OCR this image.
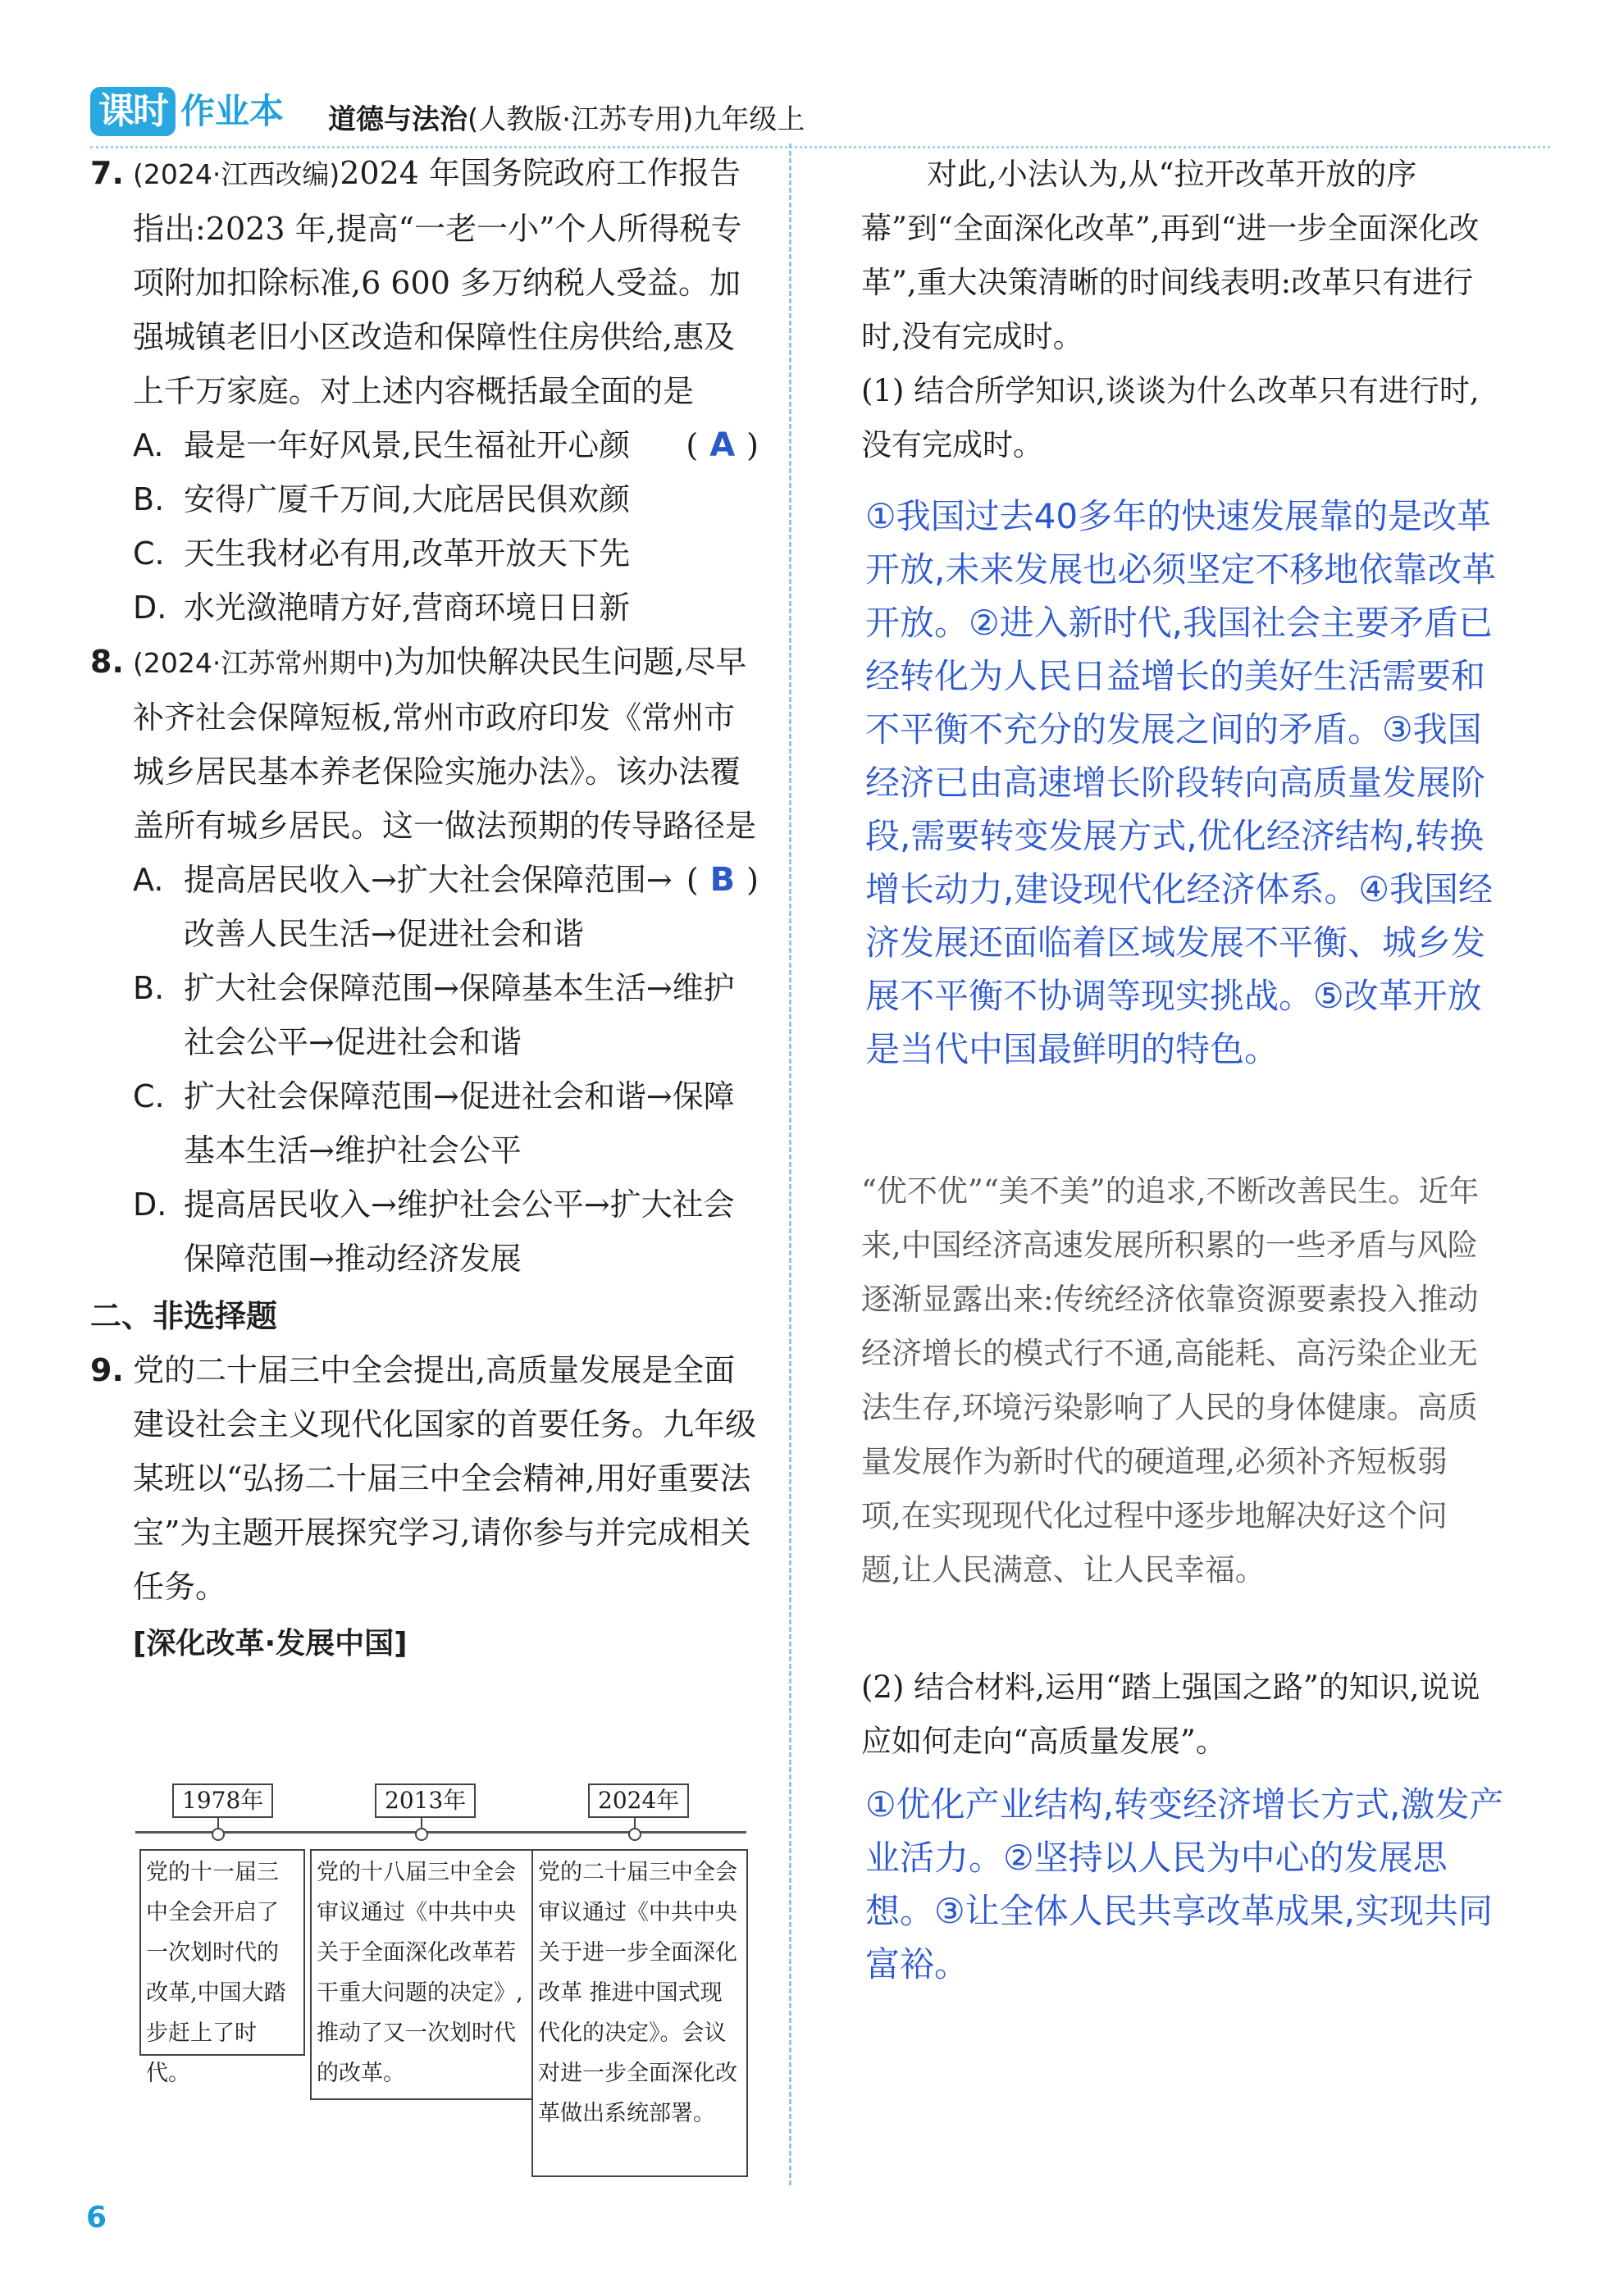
课时 作业本 道德与法治(人教版·江苏专用)九年级上
7. (2024·江西改编)2024 年国务院政府工作报告指出:2023 年,提高“一老一小”个人所得税专项附加扣除标准,6 600 多万纳税人受益。加强城镇老旧小区改造和保障性住房供给,惠及上千万家庭。对上述内容概括最全面的是
( A )
A. 最是一年好风景,民生福祉开心颜
B. 安得广厦千万间,大庇居民俱欢颜
C. 天生我材必有用,改革开放天下先
D. 水光潋滟晴方好,营商环境日日新
8. (2024·江苏常州期中)为加快解决民生问题,尽早补齐社会保障短板,常州市政府印发《常州市城乡居民基本养老保险实施办法》。该办法覆盖所有城乡居民。这一做法预期的传导路径是
( B )
A. 提高居民收入→扩大社会保障范围→改善人民生活→促进社会和谐
B. 扩大社会保障范围→保障基本生活→维护社会公平→促进社会和谐
C. 扩大社会保障范围→促进社会和谐→保障基本生活→维护社会公平
D. 提高居民收入→维护社会公平→扩大社会保障范围→推动经济发展
二、非选择题
9. 党的二十届三中全会提出,高质量发展是全面建设社会主义现代化国家的首要任务。九年级某班以“弘扬二十届三中全会精神,用好重要法宝”为主题开展探究学习,请你参与并完成相关任务。
[深化改革·发展中国]
1978年
党的十一届三中全会开启了一次划时代的改革,中国大踏步赶上了时代。
2013年
党的十八届三中全会审议通过《中共中央关于全面深化改革若干重大问题的决定》,推动了又一次划时代的改革。
2024年
党的二十届三中全会审议通过《中共中央关于进一步全面深化改革 推进中国式现代化的决定》。会议对进一步全面深化改革做出系统部署。
对此,小法认为,从“拉开改革开放的序幕”到“全面深化改革”,再到“进一步全面深化改革”,重大决策清晰的时间线表明:改革只有进行时,没有完成时。
(1) 结合所学知识,谈谈为什么改革只有进行时,没有完成时。
①我国过去40多年的快速发展靠的是改革开放,未来发展也必须坚定不移地依靠改革开放。②进入新时代,我国社会主要矛盾已经转化为人民日益增长的美好生活需要和不平衡不充分的发展之间的矛盾。③我国经济已由高速增长阶段转向高质量发展阶段,需要转变发展方式,优化经济结构,转换增长动力,建设现代化经济体系。④我国经济发展还面临着区域发展不平衡、城乡发展不平衡不协调等现实挑战。⑤改革开放是当代中国最鲜明的特色。
“优不优”“美不美”的追求,不断改善民生。近年来,中国经济高速发展所积累的一些矛盾与风险逐渐显露出来:传统经济依靠资源要素投入推动经济增长的模式行不通,高能耗、高污染企业无法生存,环境污染影响了人民的身体健康。高质量发展作为新时代的硬道理,必须补齐短板弱项,在实现现代化过程中逐步地解决好这个问题,让人民满意、让人民幸福。
(2) 结合材料,运用“踏上强国之路”的知识,说说应如何走向“高质量发展”。
①优化产业结构,转变经济增长方式,激发产业活力。②坚持以人民为中心的发展思想。③让全体人民共享改革成果,实现共同富裕。
6
